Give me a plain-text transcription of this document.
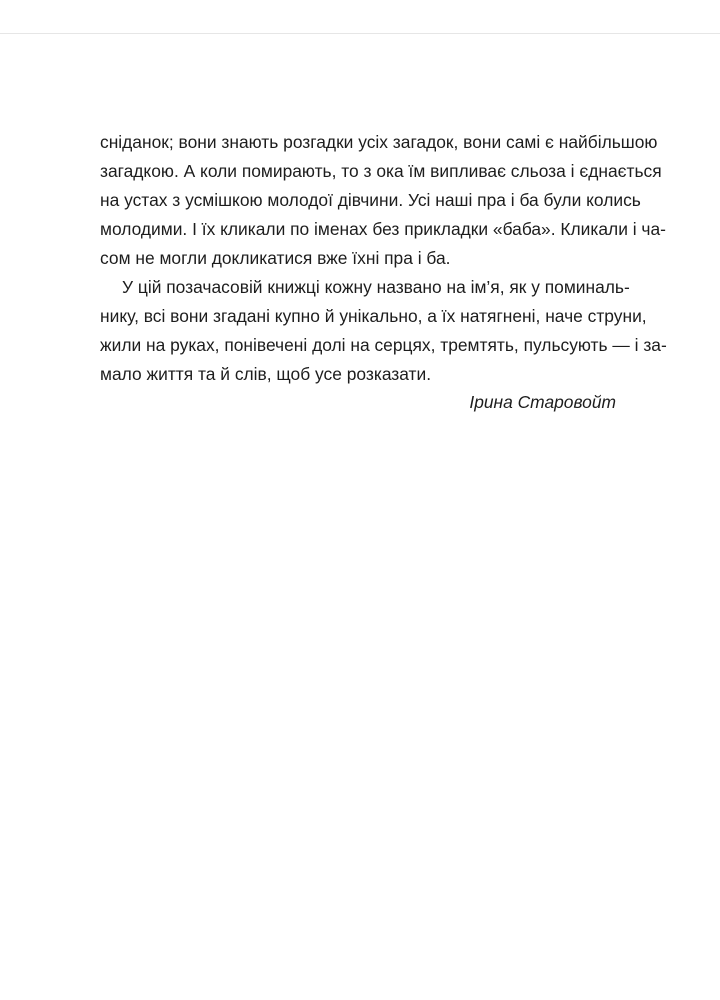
сніданок; вони знають розгадки усіх загадок, вони самі є найбільшою
загадкою. А коли помирають, то з ока їм випливає сльоза і єднається
на устах з усмішкою молодої дівчини. Усі наші пра і ба були колись
молодими. І їх кликали по іменах без прикладки «баба». Кликали і ча-
сом не могли докликатися вже їхні пра і ба.
У цій позачасовій книжці кожну названо на ім’я, як у поминаль-
нику, всі вони згадані купно й унікально, а їх натягнені, наче струни,
жили на руках, понівечені долі на серцях, тремтять, пульсують — і за-
мало життя та й слів, щоб усе розказати.
Ірина Старовойт
